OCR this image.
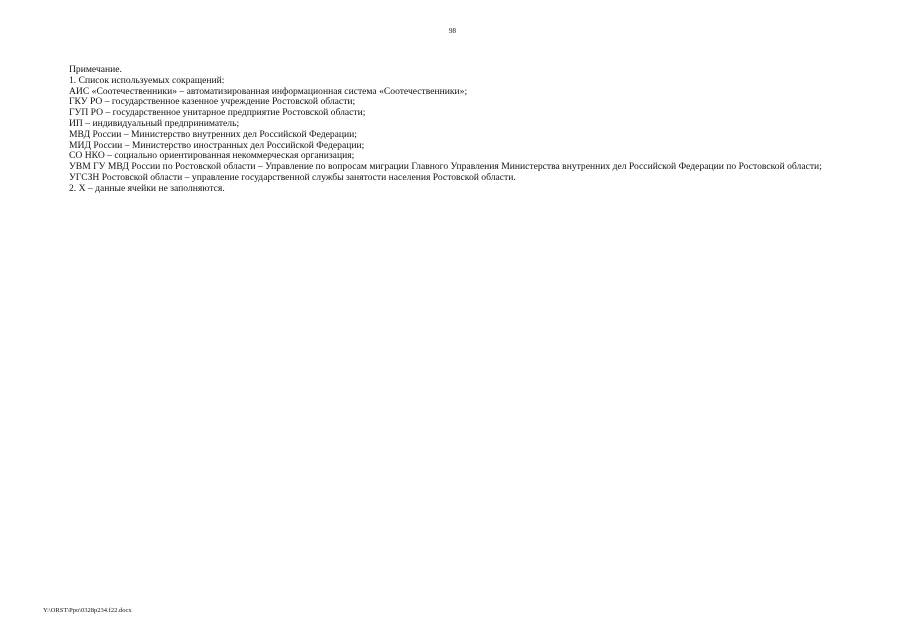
98

Примечание.

1. Список используемых сокращений:

АИС «Соотечественники» – автоматизированная информационная система «Соотечественники»;

ГКУ РО – государственное казенное учреждение Ростовской области;

ГУП РО – государственное унитарное предприятие Ростовской области;

ИП – индивидуальный предприниматель;

МВД России – Министерство внутренних дел Российской Федерации;

МИД России – Министерство иностранных дел Российской Федерации;

СО НКО – социально ориентированная некоммерческая организация;

УВМ ГУ МВД России по Ростовской области – Управление по вопросам миграции Главного Управления Министерства внутренних дел Российской Федерации по Ростовской области;

УГСЗН Ростовской области – управление государственной службы занятости населения Ростовской области.

2. Х – данные ячейки не заполняются.

Y:\ORST\Ppo\0328p234.f22.docx
